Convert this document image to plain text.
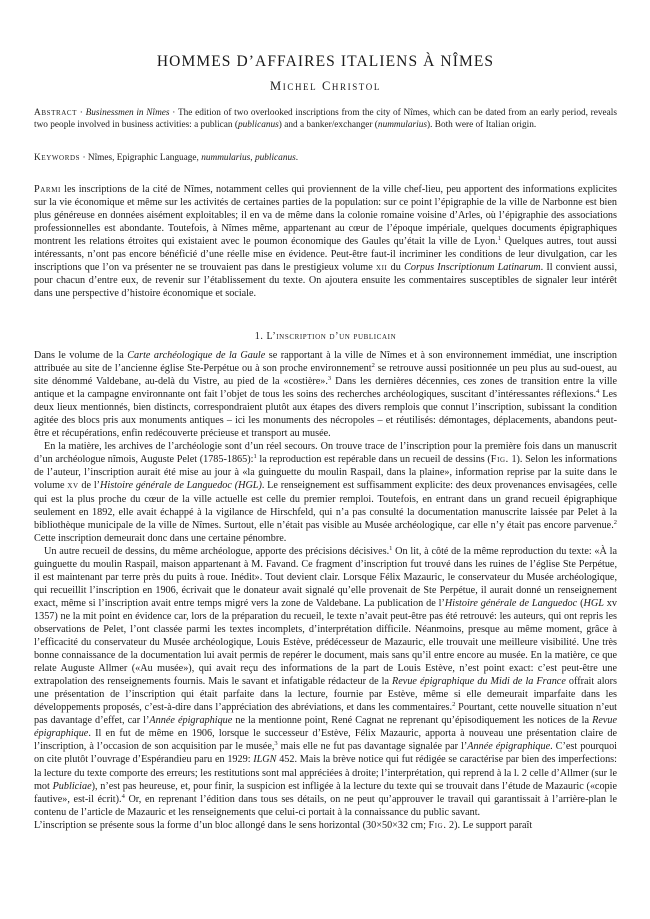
HOMMES D’AFFAIRES ITALIENS À NÎMES
Michel Christol
Abstract · Businessmen in Nîmes · The edition of two overlooked inscriptions from the city of Nîmes, which can be dated from an early period, reveals two people involved in business activities: a publican (publicanus) and a banker/exchanger (nummularius). Both were of Italian origin.
Keywords · Nîmes, Epigraphic Language, nummularius, publicanus.

Parmi les inscriptions de la cité de Nîmes, notamment celles qui proviennent de la ville chef-lieu, peu apportent des informations explicites sur la vie économique et même sur les activités de certaines parties de la population: sur ce point l’épigraphie de la ville de Narbonne est bien plus généreuse en données aisément exploitables; il en va de même dans la colonie romaine voisine d’Arles, où l’épigraphie des associations professionnelles est abondante. Toutefois, à Nîmes même, appartenant au cœur de l’époque impériale, quelques documents épigraphiques montrent les relations étroites qui existaient avec le poumon économique des Gaules qu’était la ville de Lyon.$^1$ Quelques autres, tout aussi intéressants, n’ont pas encore bénéficié d’une réelle mise en évidence. Peut-être faut-il incriminer les conditions de leur divulgation, car les inscriptions que l’on va présenter ne se trouvaient pas dans le prestigieux volume xii du Corpus Inscriptionum Latinarum. Il convient aussi, pour chacun d’entre eux, de revenir sur l’établissement du texte. On ajoutera ensuite les commentaires susceptibles de signaler leur intérêt dans une perspective d’histoire économique et sociale.

1. L’inscription d’un publicain

Dans le volume de la Carte archéologique de la Gaule se rapportant à la ville de Nîmes et à son environnement immédiat, une inscription attribuée au site de l’ancienne église Ste-Perpétue ou à son proche environnement$^2$ se retrouve aussi positionnée un peu plus au sud-ouest, au site dénommé Valdebane, au-delà du Vistre, au pied de la «costière».$^3$ Dans les dernières décennies, ces zones de transition entre la ville antique et la campagne environnante ont fait l’objet de tous les soins des recherches archéologiques, suscitant d’intéressantes réflexions.$^4$ Les deux lieux mentionnés, bien distincts, correspondraient plutôt aux étapes des divers remplois que connut l’inscription, subissant la condition agitée des blocs pris aux monuments antiques – ici les monuments des nécropoles – et réutilisés: démontages, déplacements, abandons peut-être et récupérations, enfin redécouverte précieuse et transport au musée.

En la matière, les archives de l’archéologie sont d’un réel secours. On trouve trace de l’inscription pour la première fois dans un manuscrit d’un archéologue nîmois, Auguste Pelet (1785-1865):$^1$ la reproduction est repérable dans un recueil de dessins (Fig. 1). Selon les informations de l’auteur, l’inscription aurait été mise au jour à «la guinguette du moulin Raspail, dans la plaine», information reprise par la suite dans le volume xv de l’Histoire générale de Languedoc (HGL). Le renseignement est suffisamment explicite: des deux provenances envisagées, celle qui est la plus proche du cœur de la ville actuelle est celle du premier remploi. Toutefois, en entrant dans un grand recueil épigraphique seulement en 1892, elle avait échappé à la vigilance de Hirschfeld, qui n’a pas consulté la documentation manuscrite laissée par Pelet à la bibliothèque municipale de la ville de Nîmes. Surtout, elle n’était pas visible au Musée archéologique, car elle n’y était pas encore parvenue.$^2$ Cette inscription demeurait donc dans une certaine pénombre.

Un autre recueil de dessins, du même archéologue, apporte des précisions décisives.$^1$ On lit, à côté de la même reproduction du texte: «À la guinguette du moulin Raspail, maison appartenant à M. Favand. Ce fragment d’inscription fut trouvé dans les ruines de l’église Ste Perpétue, il est maintenant par terre près du puits à roue. Inédit». Tout devient clair. Lorsque Félix Mazauric, le conservateur du Musée archéologique, qui recueillit l’inscription en 1906, écrivait que le donateur avait signalé qu’elle provenait de Ste Perpétue, il aurait donné un renseignement exact, même si l’inscription avait entre temps migré vers la zone de Valdebane. La publication de l’Histoire générale de Languedoc (HGL xv 1357) ne la mit point en évidence car, lors de la préparation du recueil, le texte n’avait peut-être pas été retrouvé: les auteurs, qui ont repris les observations de Pelet, l’ont classée parmi les textes incomplets, d’interprétation difficile. Néanmoins, presque au même moment, grâce à l’efficacité du conservateur du Musée archéologique, Louis Estève, prédécesseur de Mazauric, elle trouvait une meilleure visibilité. Une très bonne connaissance de la documentation lui avait permis de repérer le document, mais sans qu’il entre encore au musée. En la matière, ce que relate Auguste Allmer («Au musée»), qui avait reçu des informations de la part de Louis Estève, n’est point exact: c’est peut-être une extrapolation des renseignements fournis. Mais le savant et infatigable rédacteur de la Revue épigraphique du Midi de la France offrait alors une présentation de l’inscription qui était parfaite dans la lecture, fournie par Estève, même si elle demeurait imparfaite dans les développements proposés, c’est-à-dire dans l’appréciation des abréviations, et dans les commentaires.$^2$ Pourtant, cette nouvelle situation n’eut pas davantage d’effet, car l’Année épigraphique ne la mentionne point, René Cagnat ne reprenant qu’épisodiquement les notices de la Revue épigraphique. Il en fut de même en 1906, lorsque le successeur d’Estève, Félix Mazauric, apporta à nouveau une présentation claire de l’inscription, à l’occasion de son acquisition par le musée,$^3$ mais elle ne fut pas davantage signalée par l’Année épigraphique. C’est pourquoi on cite plutôt l’ouvrage d’Espérandieu paru en 1929: ILGN 452. Mais la brève notice qui fut rédigée se caractérise par bien des imperfections: la lecture du texte comporte des erreurs; les restitutions sont mal appréciées à droite; l’interprétation, qui reprend à la l. 2 celle d’Allmer (sur le mot Publiciae), n’est pas heureuse, et, pour finir, la suspicion est infligée à la lecture du texte qui se trouvait dans l’étude de Mazauric («copie fautive», est-il écrit).$^4$ Or, en reprenant l’édition dans tous ses détails, on ne peut qu’approuver le travail qui garantissait à l’arrière-plan le contenu de l’article de Mazauric et les renseignements que celui-ci portait à la connaissance du public savant.

L’inscription se présente sous la forme d’un bloc allongé dans le sens horizontal (30×50×32 cm; Fig. 2). Le support paraît
